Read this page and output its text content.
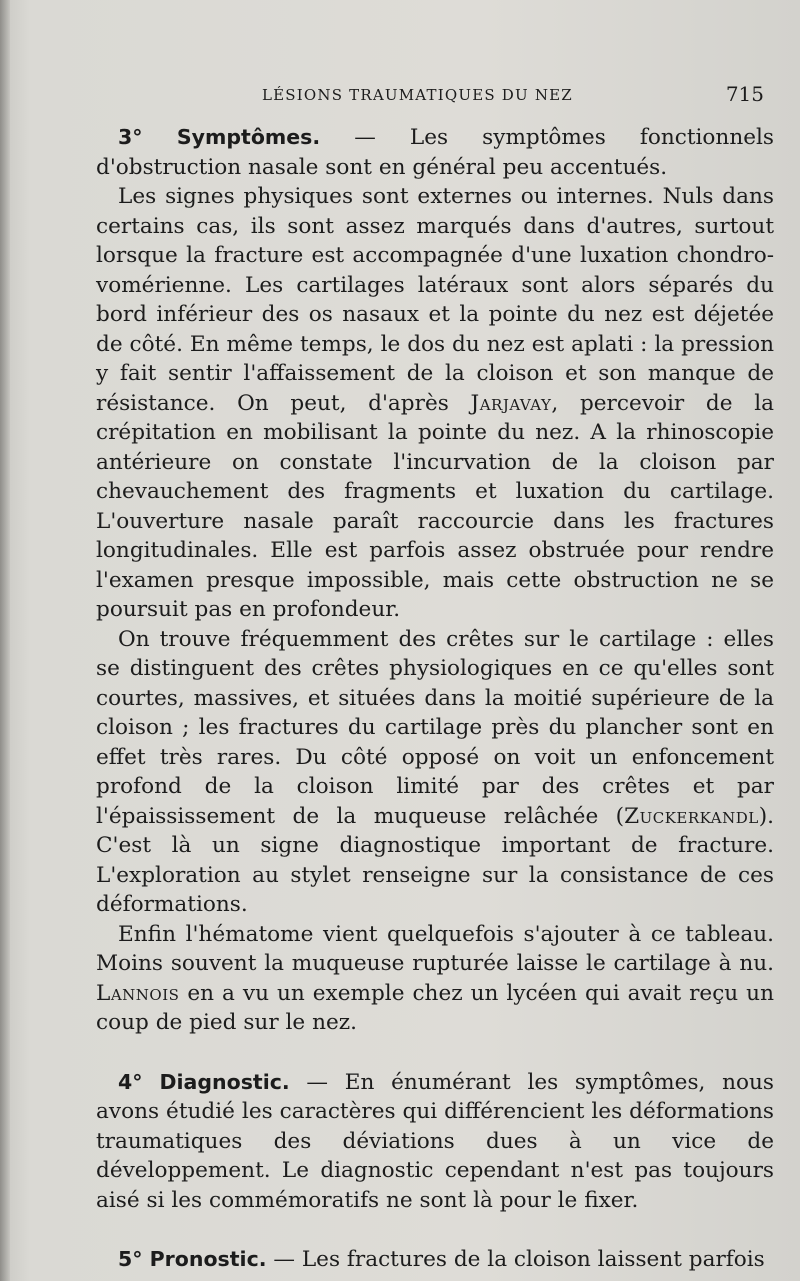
LÉSIONS TRAUMATIQUES DU NEZ	715

3° Symptômes. — Les symptômes fonctionnels d'obstruction nasale sont en général peu accentués.

Les signes physiques sont externes ou internes. Nuls dans certains cas, ils sont assez marqués dans d'autres, surtout lorsque la fracture est accompagnée d'une luxation chondro-vomérienne. Les cartilages latéraux sont alors séparés du bord inférieur des os nasaux et la pointe du nez est déjetée de côté. En même temps, le dos du nez est aplati : la pression y fait sentir l'affaissement de la cloison et son manque de résistance. On peut, d'après Jarjavay, percevoir de la crépitation en mobilisant la pointe du nez. A la rhinoscopie antérieure on constate l'incurvation de la cloison par chevauchement des fragments et luxation du cartilage. L'ouverture nasale paraît raccourcie dans les fractures longitudinales. Elle est parfois assez obstruée pour rendre l'examen presque impossible, mais cette obstruction ne se poursuit pas en profondeur.

On trouve fréquemment des crêtes sur le cartilage : elles se distinguent des crêtes physiologiques en ce qu'elles sont courtes, massives, et situées dans la moitié supérieure de la cloison ; les fractures du cartilage près du plancher sont en effet très rares. Du côté opposé on voit un enfoncement profond de la cloison limité par des crêtes et par l'épaississement de la muqueuse relâchée (Zuckerkandl). C'est là un signe diagnostique important de fracture. L'exploration au stylet renseigne sur la consistance de ces déformations.

Enfin l'hématome vient quelquefois s'ajouter à ce tableau. Moins souvent la muqueuse rupturée laisse le cartilage à nu. Lannois en a vu un exemple chez un lycéen qui avait reçu un coup de pied sur le nez.

4° Diagnostic. — En énumérant les symptômes, nous avons étudié les caractères qui différencient les déformations traumatiques des déviations dues à un vice de développement. Le diagnostic cependant n'est pas toujours aisé si les commémoratifs ne sont là pour le fixer.

5° Pronostic. — Les fractures de la cloison laissent parfois
